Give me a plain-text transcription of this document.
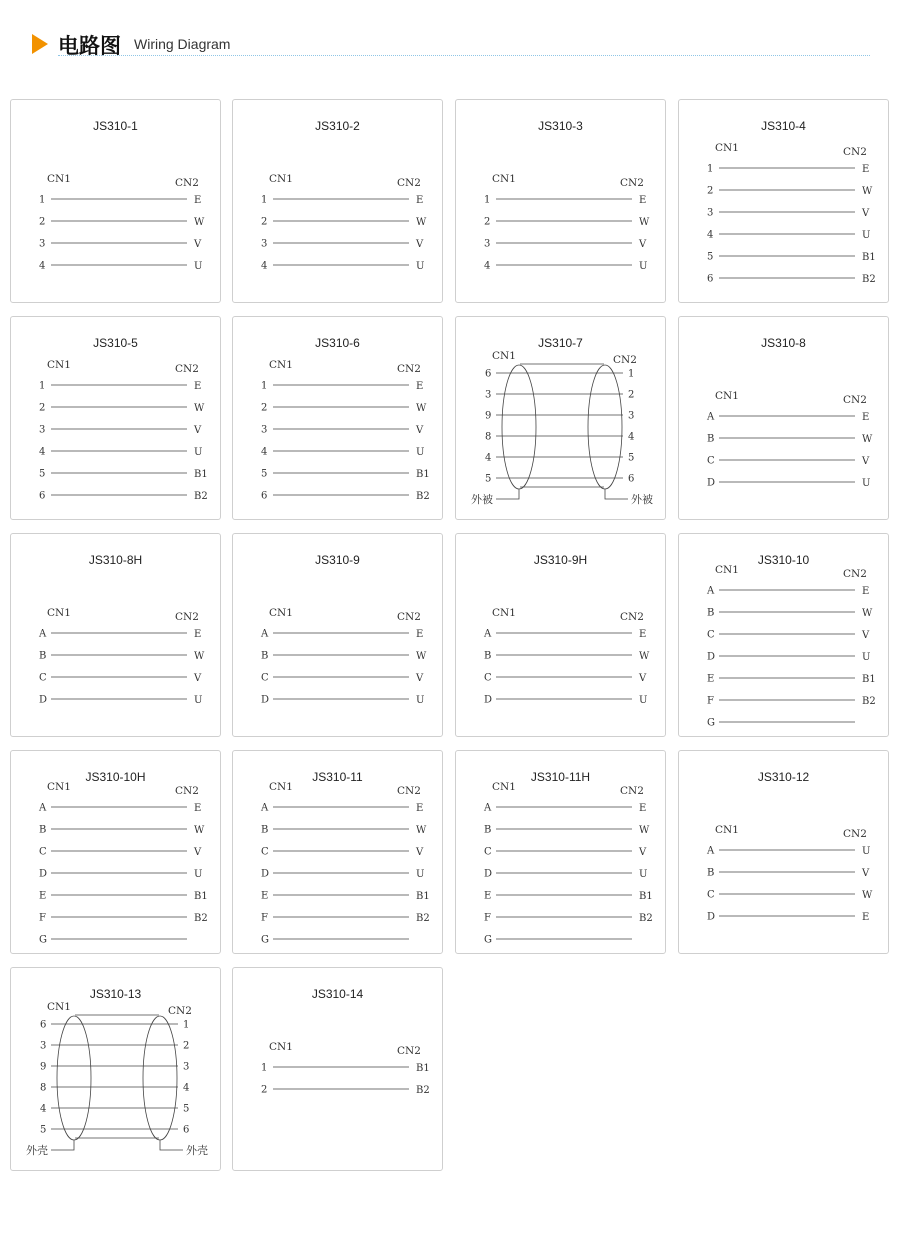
电路图 Wiring Diagram
JS310-1
CN1	CN2
1	E
2	W
3	V
4	U
JS310-2
CN1	CN2
1	E
2	W
3	V
4	U
JS310-3
CN1	CN2
1	E
2	W
3	V
4	U
JS310-4
CN1	CN2
1	E
2	W
3	V
4	U
5	B1
6	B2
JS310-5
CN1	CN2
1	E
2	W
3	V
4	U
5	B1
6	B2
JS310-6
CN1	CN2
1	E
2	W
3	V
4	U
5	B1
6	B2
JS310-7
CN1	CN2
6	1
3	2
9	3
8	4
4	5
5	6
外被	外被
JS310-8
CN1	CN2
A	E
B	W
C	V
D	U
JS310-8H
CN1	CN2
A	E
B	W
C	V
D	U
JS310-9
CN1	CN2
A	E
B	W
C	V
D	U
JS310-9H
CN1	CN2
A	E
B	W
C	V
D	U
JS310-10
CN1	CN2
A	E
B	W
C	V
D	U
E	B1
F	B2
G
JS310-10H
CN1	CN2
A	E
B	W
C	V
D	U
E	B1
F	B2
G
JS310-11
CN1	CN2
A	E
B	W
C	V
D	U
E	B1
F	B2
G
JS310-11H
CN1	CN2
A	E
B	W
C	V
D	U
E	B1
F	B2
G
JS310-12
CN1	CN2
A	U
B	V
C	W
D	E
JS310-13
CN1	CN2
6	1
3	2
9	3
8	4
4	5
5	6
外壳	外壳
JS310-14
CN1	CN2
1	B1
2	B2
